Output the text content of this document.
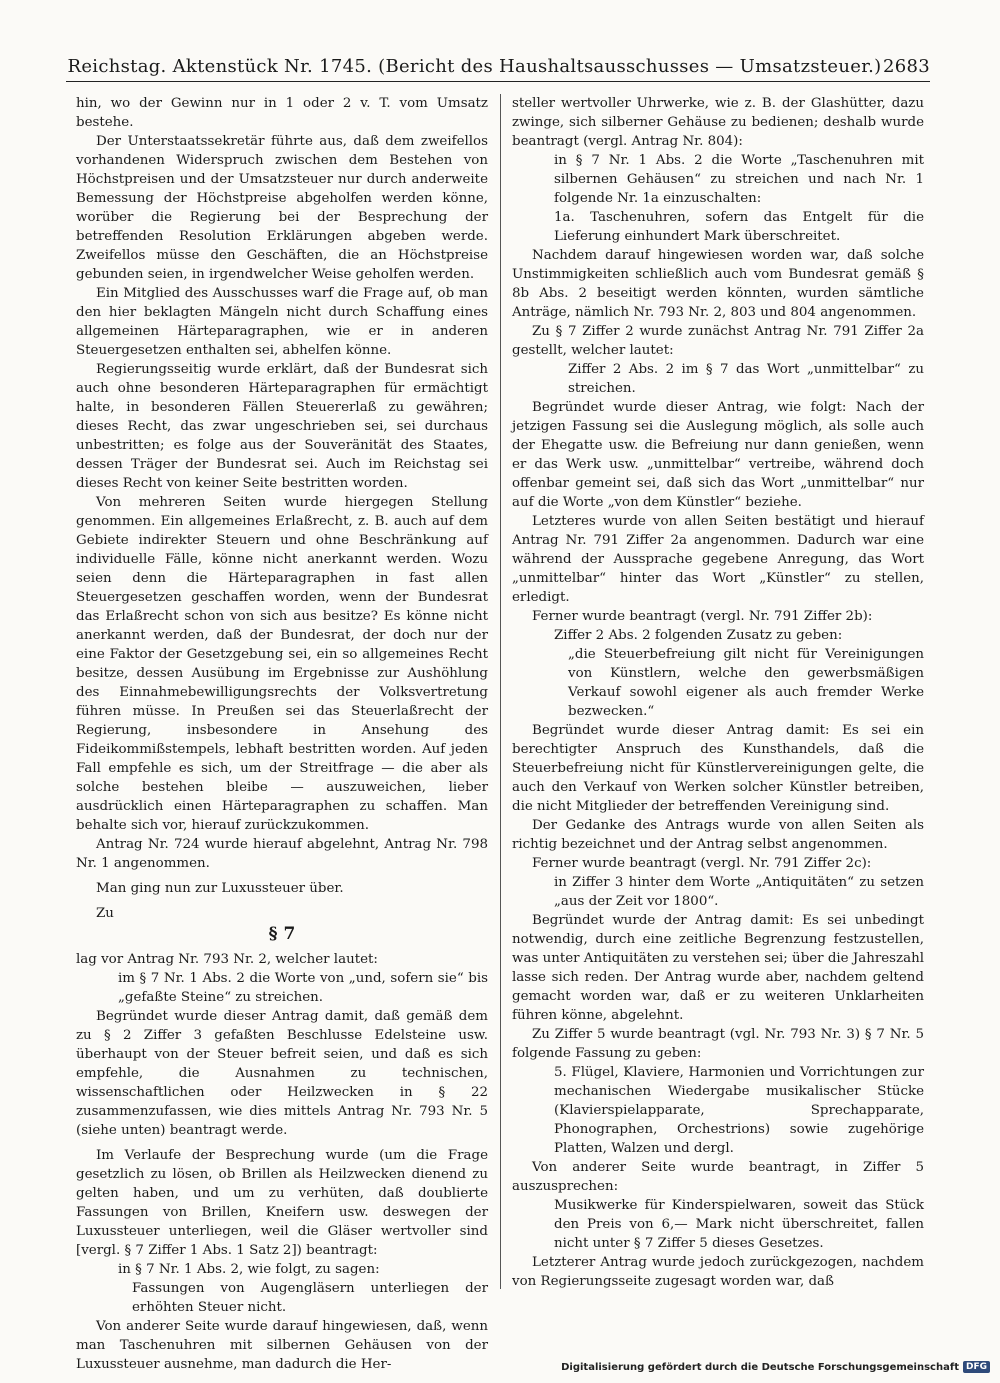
Reichstag. Aktenstück Nr. 1745. (Bericht des Haushaltsausschusses — Umsatzsteuer.) 2683

hin, wo der Gewinn nur in 1 oder 2 v. T. vom Umsatz bestehe.

Der Unterstaatssekretär führte aus, daß dem zweifellos vorhandenen Widerspruch zwischen dem Bestehen von Höchstpreisen und der Umsatzsteuer nur durch anderweite Bemessung der Höchstpreise abgeholfen werden könne, worüber die Regierung bei der Besprechung der betreffenden Resolution Erklärungen abgeben werde. Zweifellos müsse den Geschäften, die an Höchstpreise gebunden seien, in irgendwelcher Weise geholfen werden.

Ein Mitglied des Ausschusses warf die Frage auf, ob man den hier beklagten Mängeln nicht durch Schaffung eines allgemeinen Härteparagraphen, wie er in anderen Steuergesetzen enthalten sei, abhelfen könne.

Regierungsseitig wurde erklärt, daß der Bundesrat sich auch ohne besonderen Härteparagraphen für ermächtigt halte, in besonderen Fällen Steuererlaß zu gewähren; dieses Recht, das zwar ungeschrieben sei, sei durchaus unbestritten; es folge aus der Souveränität des Staates, dessen Träger der Bundesrat sei. Auch im Reichstag sei dieses Recht von keiner Seite bestritten worden.

Von mehreren Seiten wurde hiergegen Stellung genommen. Ein allgemeines Erlaßrecht, z. B. auch auf dem Gebiete indirekter Steuern und ohne Beschränkung auf individuelle Fälle, könne nicht anerkannt werden. Wozu seien denn die Härteparagraphen in fast allen Steuergesetzen geschaffen worden, wenn der Bundesrat das Erlaßrecht schon von sich aus besitze? Es könne nicht anerkannt werden, daß der Bundesrat, der doch nur der eine Faktor der Gesetzgebung sei, ein so allgemeines Recht besitze, dessen Ausübung im Ergebnisse zur Aushöhlung des Einnahmebewilligungsrechts der Volksvertretung führen müsse. In Preußen sei das Steuerlaßrecht der Regierung, insbesondere in Ansehung des Fideikommißstempels, lebhaft bestritten worden. Auf jeden Fall empfehle es sich, um der Streitfrage — die aber als solche bestehen bleibe — auszuweichen, lieber ausdrücklich einen Härteparagraphen zu schaffen. Man behalte sich vor, hierauf zurückzukommen.

Antrag Nr. 724 wurde hierauf abgelehnt, Antrag Nr. 798 Nr. 1 angenommen.

Man ging nun zur Luxussteuer über.

Zu

§ 7

lag vor Antrag Nr. 793 Nr. 2, welcher lautet:

im § 7 Nr. 1 Abs. 2 die Worte von „und, sofern sie“ bis „gefaßte Steine“ zu streichen.

Begründet wurde dieser Antrag damit, daß gemäß dem zu § 2 Ziffer 3 gefaßten Beschlusse Edelsteine usw. überhaupt von der Steuer befreit seien, und daß es sich empfehle, die Ausnahmen zu technischen, wissenschaftlichen oder Heilzwecken in § 22 zusammenzufassen, wie dies mittels Antrag Nr. 793 Nr. 5 (siehe unten) beantragt werde.

Im Verlaufe der Besprechung wurde (um die Frage gesetzlich zu lösen, ob Brillen als Heilzwecken dienend zu gelten haben, und um zu verhüten, daß doublierte Fassungen von Brillen, Kneifern usw. deswegen der Luxussteuer unterliegen, weil die Gläser wertvoller sind [vergl. § 7 Ziffer 1 Abs. 1 Satz 2]) beantragt:

in § 7 Nr. 1 Abs. 2, wie folgt, zu sagen:

Fassungen von Augengläsern unterliegen der erhöhten Steuer nicht.

Von anderer Seite wurde darauf hingewiesen, daß, wenn man Taschenuhren mit silbernen Gehäusen von der Luxussteuer ausnehme, man dadurch die Her-

steller wertvoller Uhrwerke, wie z. B. der Glashütter, dazu zwinge, sich silberner Gehäuse zu bedienen; deshalb wurde beantragt (vergl. Antrag Nr. 804):

in § 7 Nr. 1 Abs. 2 die Worte „Taschenuhren mit silbernen Gehäusen“ zu streichen und nach Nr. 1 folgende Nr. 1a einzuschalten:

1a. Taschenuhren, sofern das Entgelt für die Lieferung einhundert Mark überschreitet.

Nachdem darauf hingewiesen worden war, daß solche Unstimmigkeiten schließlich auch vom Bundesrat gemäß § 8b Abs. 2 beseitigt werden könnten, wurden sämtliche Anträge, nämlich Nr. 793 Nr. 2, 803 und 804 angenommen.

Zu § 7 Ziffer 2 wurde zunächst Antrag Nr. 791 Ziffer 2a gestellt, welcher lautet:

Ziffer 2 Abs. 2 im § 7 das Wort „unmittelbar“ zu streichen.

Begründet wurde dieser Antrag, wie folgt: Nach der jetzigen Fassung sei die Auslegung möglich, als solle auch der Ehegatte usw. die Befreiung nur dann genießen, wenn er das Werk usw. „unmittelbar“ vertreibe, während doch offenbar gemeint sei, daß sich das Wort „unmittelbar“ nur auf die Worte „von dem Künstler“ beziehe.

Letzteres wurde von allen Seiten bestätigt und hierauf Antrag Nr. 791 Ziffer 2a angenommen. Dadurch war eine während der Aussprache gegebene Anregung, das Wort „unmittelbar“ hinter das Wort „Künstler“ zu stellen, erledigt.

Ferner wurde beantragt (vergl. Nr. 791 Ziffer 2b):

Ziffer 2 Abs. 2 folgenden Zusatz zu geben:

„die Steuerbefreiung gilt nicht für Vereinigungen von Künstlern, welche den gewerbsmäßigen Verkauf sowohl eigener als auch fremder Werke bezwecken.“

Begründet wurde dieser Antrag damit: Es sei ein berechtigter Anspruch des Kunsthandels, daß die Steuerbefreiung nicht für Künstlervereinigungen gelte, die auch den Verkauf von Werken solcher Künstler betreiben, die nicht Mitglieder der betreffenden Vereinigung sind.

Der Gedanke des Antrags wurde von allen Seiten als richtig bezeichnet und der Antrag selbst angenommen.

Ferner wurde beantragt (vergl. Nr. 791 Ziffer 2c):

in Ziffer 3 hinter dem Worte „Antiquitäten“ zu setzen „aus der Zeit vor 1800“.

Begründet wurde der Antrag damit: Es sei unbedingt notwendig, durch eine zeitliche Begrenzung festzustellen, was unter Antiquitäten zu verstehen sei; über die Jahreszahl lasse sich reden. Der Antrag wurde aber, nachdem geltend gemacht worden war, daß er zu weiteren Unklarheiten führen könne, abgelehnt.

Zu Ziffer 5 wurde beantragt (vgl. Nr. 793 Nr. 3) § 7 Nr. 5 folgende Fassung zu geben:

5. Flügel, Klaviere, Harmonien und Vorrichtungen zur mechanischen Wiedergabe musikalischer Stücke (Klavierspielapparate, Sprechapparate, Phonographen, Orchestrions) sowie zugehörige Platten, Walzen und dergl.

Von anderer Seite wurde beantragt, in Ziffer 5 auszusprechen:

Musikwerke für Kinderspielwaren, soweit das Stück den Preis von 6,— Mark nicht überschreitet, fallen nicht unter § 7 Ziffer 5 dieses Gesetzes.

Letzterer Antrag wurde jedoch zurückgezogen, nachdem von Regierungsseite zugesagt worden war, daß

Digitalisierung gefördert durch die Deutsche Forschungsgemeinschaft DFG
